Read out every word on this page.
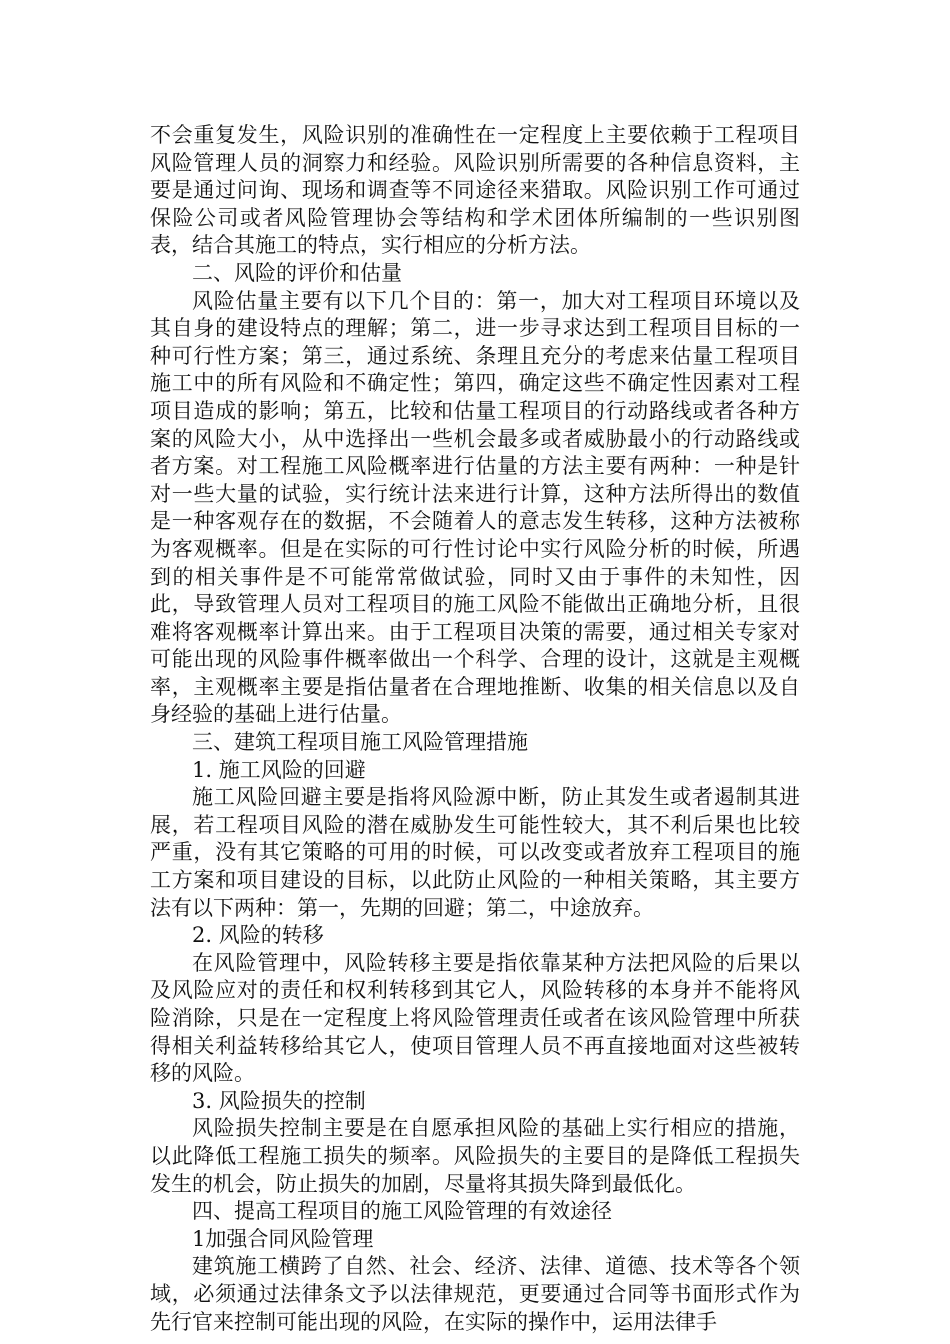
不会重复发生，风险识别的准确性在一定程度上主要依赖于工程项目风险管理人员的洞察力和经验。风险识别所需要的各种信息资料，主要是通过问询、现场和调查等不同途径来猎取。风险识别工作可通过保险公司或者风险管理协会等结构和学术团体所编制的一些识别图表，结合其施工的特点，实行相应的分析方法。

二、风险的评价和估量

风险估量主要有以下几个目的：第一，加大对工程项目环境以及其自身的建设特点的理解；第二，进一步寻求达到工程项目目标的一种可行性方案；第三，通过系统、条理且充分的考虑来估量工程项目施工中的所有风险和不确定性；第四，确定这些不确定性因素对工程项目造成的影响；第五，比较和估量工程项目的行动路线或者各种方案的风险大小，从中选择出一些机会最多或者威胁最小的行动路线或者方案。对工程施工风险概率进行估量的方法主要有两种：一种是针对一些大量的试验，实行统计法来进行计算，这种方法所得出的数值是一种客观存在的数据，不会随着人的意志发生转移，这种方法被称为客观概率。但是在实际的可行性讨论中实行风险分析的时候，所遇到的相关事件是不可能常常做试验，同时又由于事件的未知性，因此，导致管理人员对工程项目的施工风险不能做出正确地分析，且很难将客观概率计算出来。由于工程项目决策的需要，通过相关专家对可能出现的风险事件概率做出一个科学、合理的设计，这就是主观概率，主观概率主要是指估量者在合理地推断、收集的相关信息以及自身经验的基础上进行估量。

三、建筑工程项目施工风险管理措施

1. 施工风险的回避

施工风险回避主要是指将风险源中断，防止其发生或者遏制其进展，若工程项目风险的潜在威胁发生可能性较大，其不利后果也比较严重，没有其它策略的可用的时候，可以改变或者放弃工程项目的施工方案和项目建设的目标，以此防止风险的一种相关策略，其主要方法有以下两种：第一，先期的回避；第二，中途放弃。

2. 风险的转移

在风险管理中，风险转移主要是指依靠某种方法把风险的后果以及风险应对的责任和权利转移到其它人，风险转移的本身并不能将风险消除，只是在一定程度上将风险管理责任或者在该风险管理中所获得相关利益转移给其它人，使项目管理人员不再直接地面对这些被转移的风险。

3. 风险损失的控制

风险损失控制主要是在自愿承担风险的基础上实行相应的措施，以此降低工程施工损失的频率。风险损失的主要目的是降低工程损失发生的机会，防止损失的加剧，尽量将其损失降到最低化。

四、提高工程项目的施工风险管理的有效途径

1加强合同风险管理

建筑施工横跨了自然、社会、经济、法律、道德、技术等各个领域，必须通过法律条文予以法律规范，更要通过合同等书面形式作为先行官来控制可能出现的风险，在实际的操作中，运用法律手
